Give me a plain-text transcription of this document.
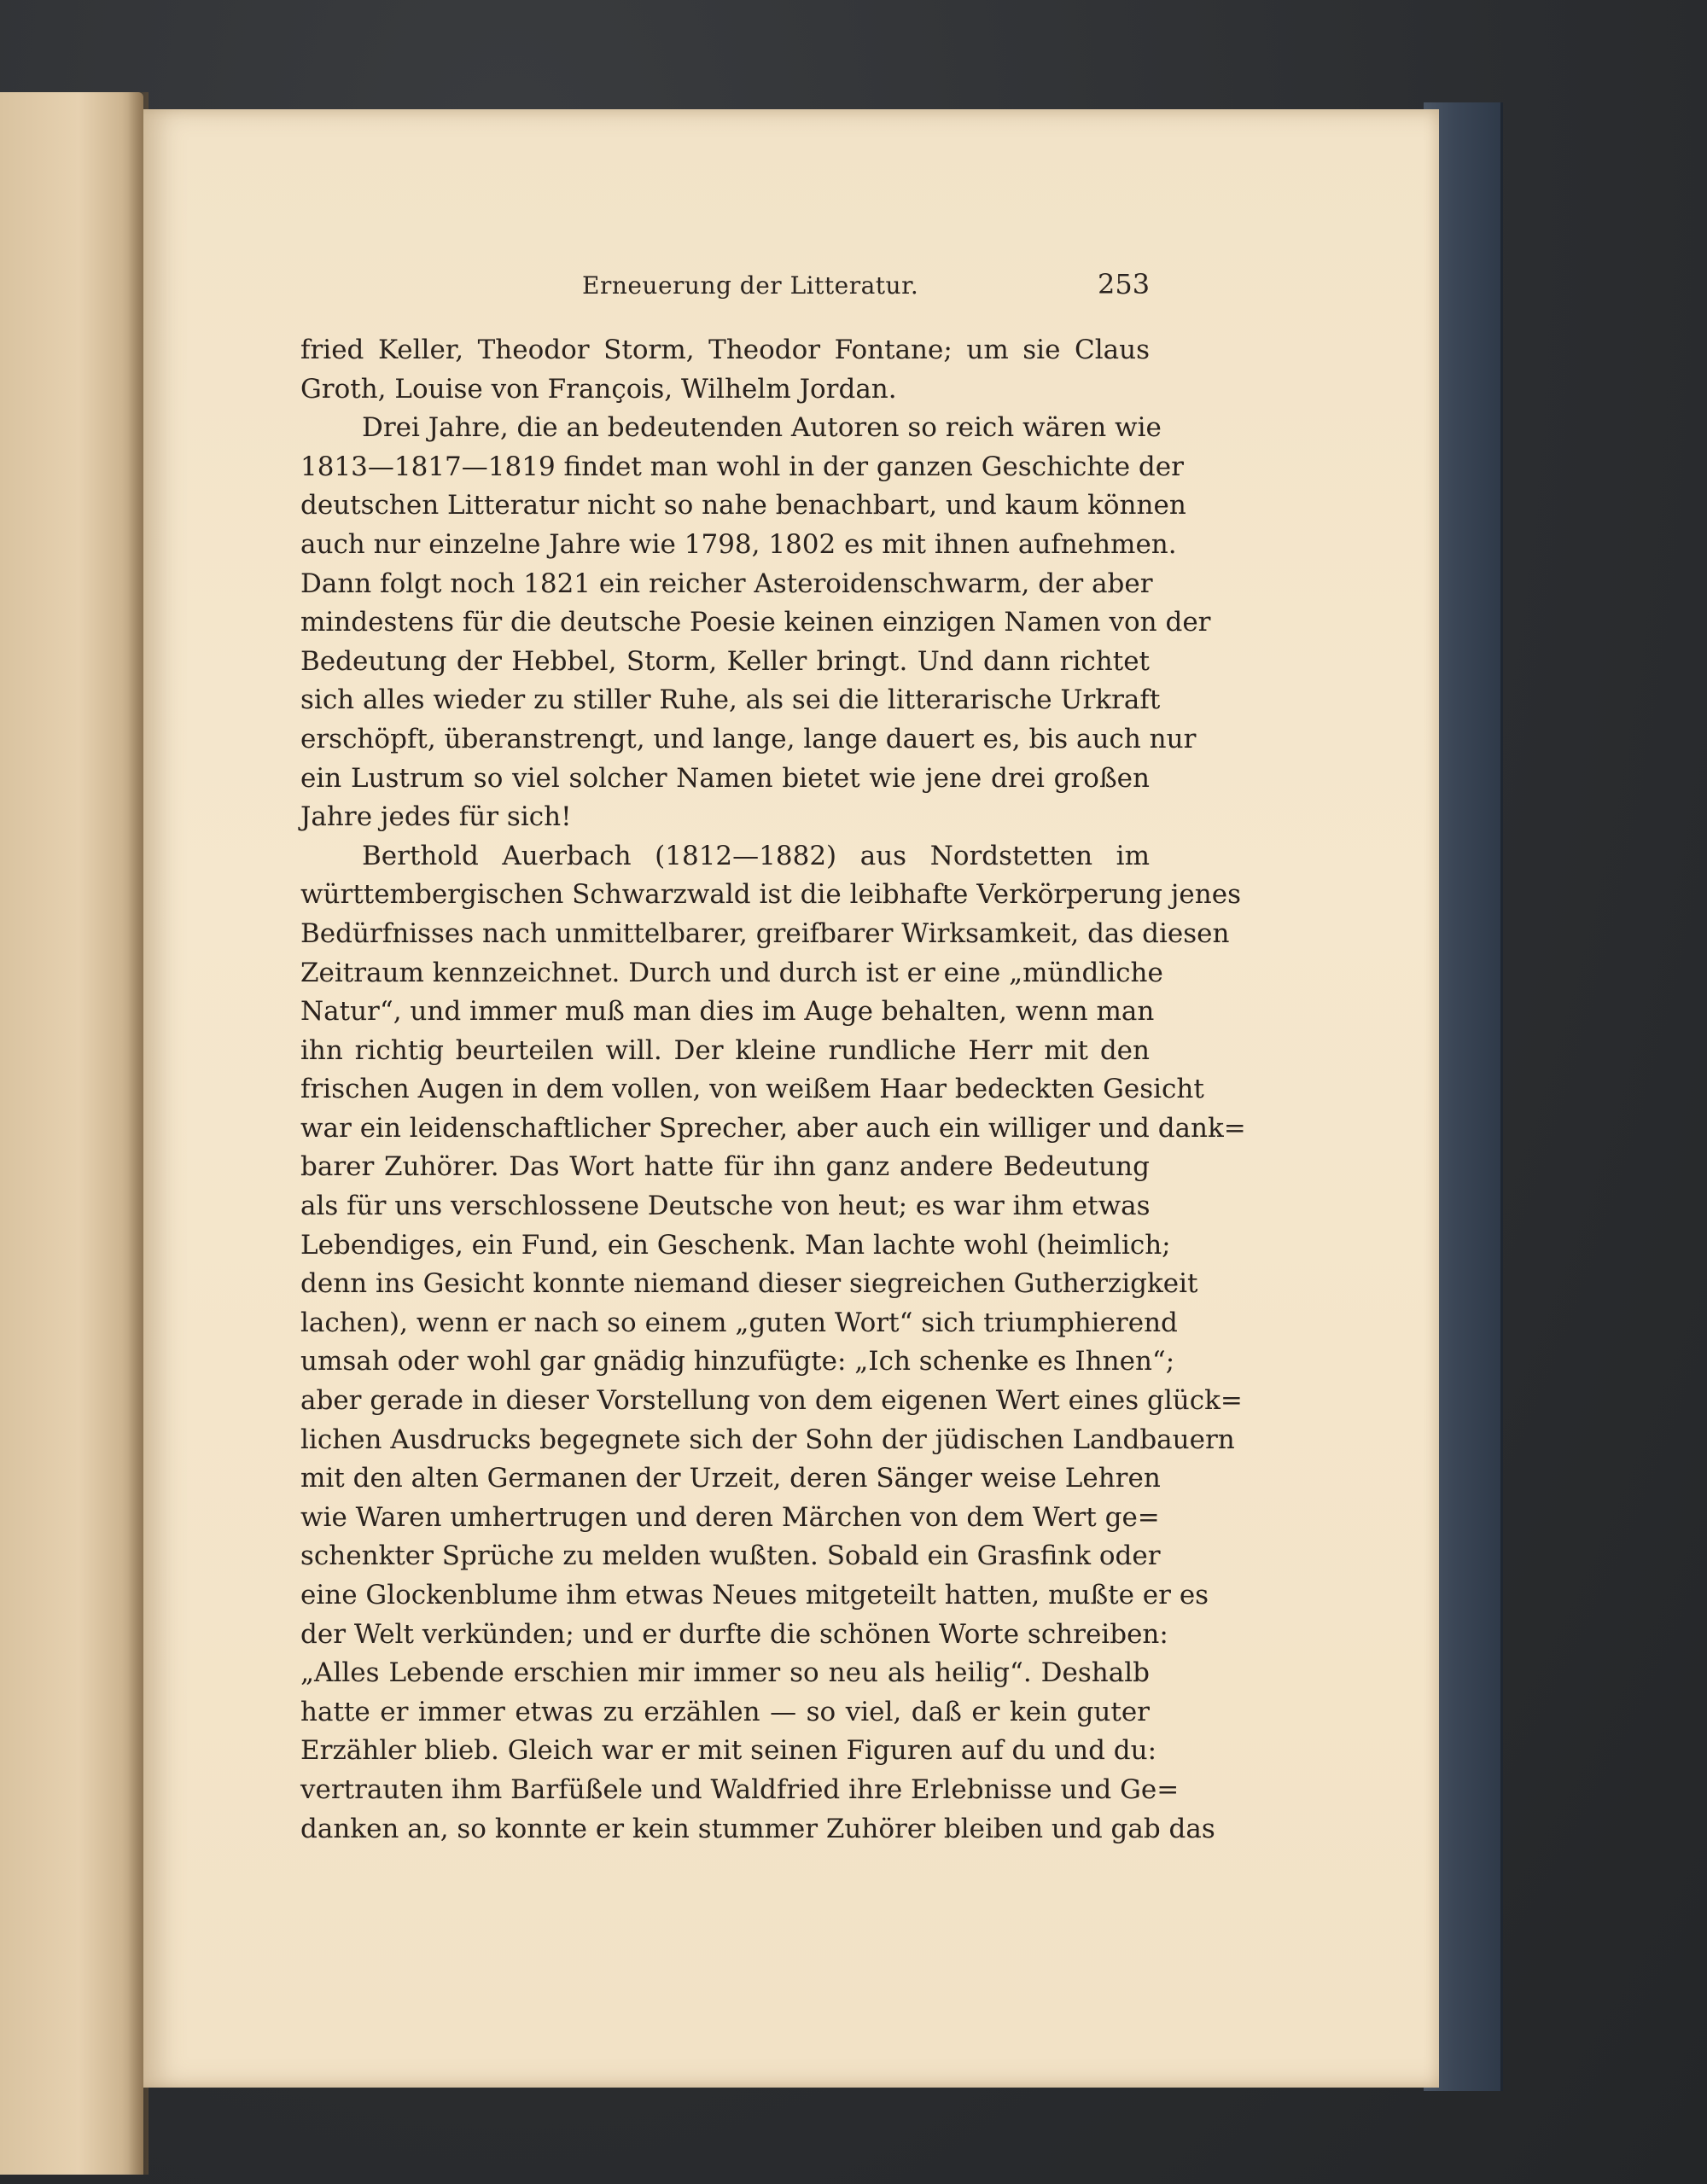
Erneuerung der Litteratur.	253
fried Keller, Theodor Storm, Theodor Fontane; um sie Claus
Groth, Louise von François, Wilhelm Jordan.
Drei Jahre, die an bedeutenden Autoren so reich wären wie
1813—1817—1819 findet man wohl in der ganzen Geschichte der
deutschen Litteratur nicht so nahe benachbart, und kaum können
auch nur einzelne Jahre wie 1798, 1802 es mit ihnen aufnehmen.
Dann folgt noch 1821 ein reicher Asteroidenschwarm, der aber
mindestens für die deutsche Poesie keinen einzigen Namen von der
Bedeutung der Hebbel, Storm, Keller bringt. Und dann richtet
sich alles wieder zu stiller Ruhe, als sei die litterarische Urkraft
erschöpft, überanstrengt, und lange, lange dauert es, bis auch nur
ein Lustrum so viel solcher Namen bietet wie jene drei großen
Jahre jedes für sich!
Berthold Auerbach (1812—1882) aus Nordstetten im
württembergischen Schwarzwald ist die leibhafte Verkörperung jenes
Bedürfnisses nach unmittelbarer, greifbarer Wirksamkeit, das diesen
Zeitraum kennzeichnet. Durch und durch ist er eine „mündliche
Natur“, und immer muß man dies im Auge behalten, wenn man
ihn richtig beurteilen will. Der kleine rundliche Herr mit den
frischen Augen in dem vollen, von weißem Haar bedeckten Gesicht
war ein leidenschaftlicher Sprecher, aber auch ein williger und dank=
barer Zuhörer. Das Wort hatte für ihn ganz andere Bedeutung
als für uns verschlossene Deutsche von heut; es war ihm etwas
Lebendiges, ein Fund, ein Geschenk. Man lachte wohl (heimlich;
denn ins Gesicht konnte niemand dieser siegreichen Gutherzigkeit
lachen), wenn er nach so einem „guten Wort“ sich triumphierend
umsah oder wohl gar gnädig hinzufügte: „Ich schenke es Ihnen“;
aber gerade in dieser Vorstellung von dem eigenen Wert eines glück=
lichen Ausdrucks begegnete sich der Sohn der jüdischen Landbauern
mit den alten Germanen der Urzeit, deren Sänger weise Lehren
wie Waren umhertrugen und deren Märchen von dem Wert ge=
schenkter Sprüche zu melden wußten. Sobald ein Grasfink oder
eine Glockenblume ihm etwas Neues mitgeteilt hatten, mußte er es
der Welt verkünden; und er durfte die schönen Worte schreiben:
„Alles Lebende erschien mir immer so neu als heilig“. Deshalb
hatte er immer etwas zu erzählen — so viel, daß er kein guter
Erzähler blieb. Gleich war er mit seinen Figuren auf du und du:
vertrauten ihm Barfüßele und Waldfried ihre Erlebnisse und Ge=
danken an, so konnte er kein stummer Zuhörer bleiben und gab das
